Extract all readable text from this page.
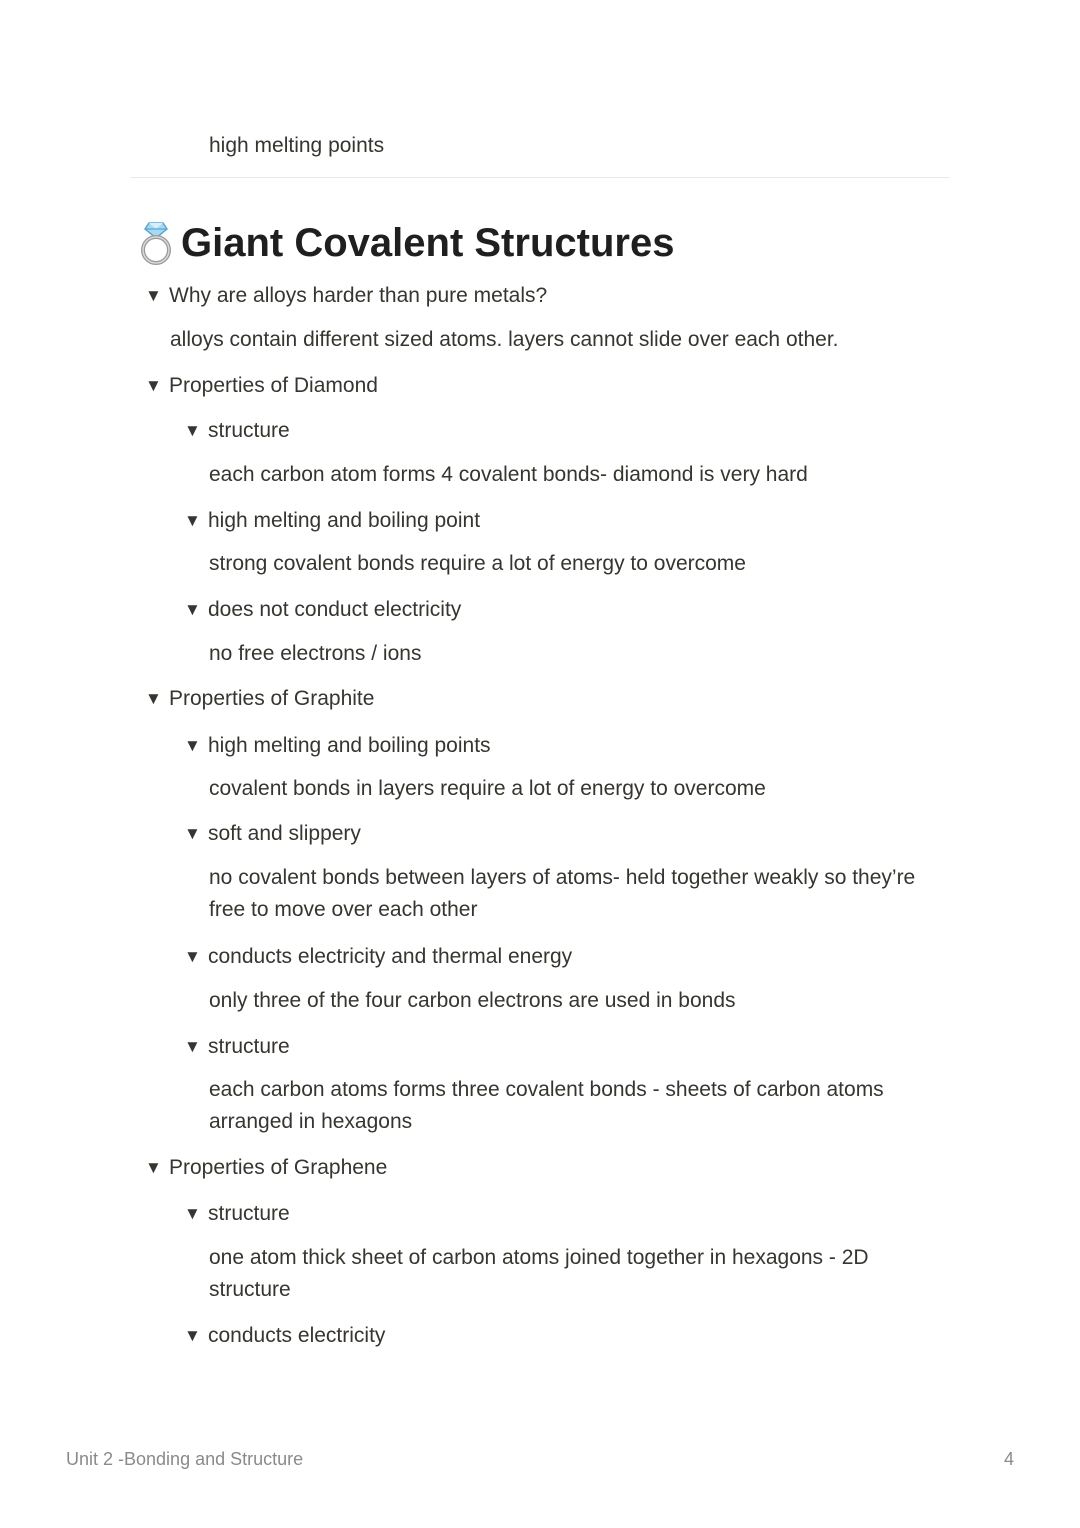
high melting points
Giant Covalent Structures
▼ Why are alloys harder than pure metals?
alloys contain different sized atoms. layers cannot slide over each other.
▼ Properties of Diamond
▼ structure
each carbon atom forms 4 covalent bonds- diamond is very hard
▼ high melting and boiling point
strong covalent bonds require a lot of energy to overcome
▼ does not conduct electricity
no free electrons / ions
▼ Properties of Graphite
▼ high melting and boiling points
covalent bonds in layers require a lot of energy to overcome
▼ soft and slippery
no covalent bonds between layers of atoms- held together weakly so they’re free to move over each other
▼ conducts electricity and thermal energy
only three of the four carbon electrons are used in bonds
▼ structure
each carbon atoms forms three covalent bonds - sheets of carbon atoms arranged in hexagons
▼ Properties of Graphene
▼ structure
one atom thick sheet of carbon atoms joined together in hexagons - 2D structure
▼ conducts electricity
Unit 2 -Bonding and Structure	4
